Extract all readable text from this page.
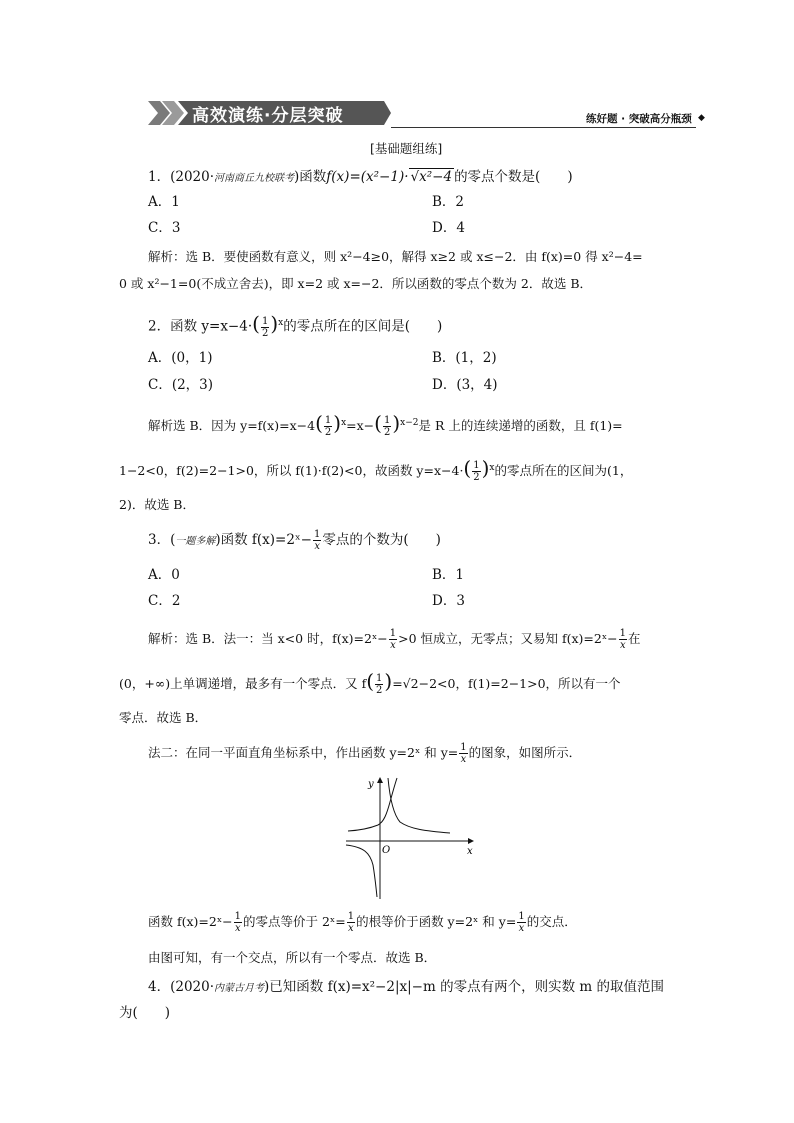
高效演练·分层突破	练好题 · 突破高分瓶颈 ◆
[基础题组练]
1．(2020·河南商丘九校联考)函数f(x)=(x²−1)· √x²−4 的零点个数是(　　)
A．1	B．2
C．3	D．4
解析：选 B．要使函数有意义，则 x²−4≥0，解得 x≥2 或 x≤−2．由 f(x)=0 得 x²−4=
0 或 x²−1=0(不成立舍去)，即 x=2 或 x=−2．所以函数的零点个数为 2．故选 B．
2．函数 $y=x-4\cdot( \frac{1}{2} )^x$的零点所在的区间是(　　)
A．(0，1)	B．(1，2)
C．(2，3)	D．(3，4)
解析选 B．因为 $y=f(x)=x-4( \frac{1}{2} )^x=x-( \frac{1}{2} )^{x-2}$是 R 上的连续递增的函数，且 f(1)=
1−2<0，f(2)=2−1>0，所以 f(1)·f(2)<0，故函数 $y=x-4\cdot( \frac{1}{2} )^x$的零点所在的区间为(1，
2)．故选 B．
3．(一题多解)函数 f(x)=2ˣ− $\frac{1}{x}$零点的个数为(　　)
A．0	B．1
C．2	D．3
解析：选 B．法一：当 x<0 时，f(x)=2ˣ− $\frac{1}{x}>0$ 恒成立，无零点；又易知 f(x)=2ˣ− $\frac{1}{x}$在
(0，+∞)上单调递增，最多有一个零点．又 $f( \frac{1}{2} )=√2-2<0$，f(1)=2−1>0，所以有一个
零点．故选 B．
法二：在同一平面直角坐标系中，作出函数 y=2ˣ 和 $y= \frac{1}{x}$的图象，如图所示．
y
x
O
函数 f(x)=2ˣ− $\frac{1}{x}$的零点等价于 2ˣ= $\frac{1}{x}$的根等价于函数 y=2ˣ 和 $y= \frac{1}{x}$的交点．
由图可知，有一个交点，所以有一个零点．故选 B．
4．(2020·内蒙古月考)已知函数 f(x)=x²−2|x|−m 的零点有两个，则实数 m 的取值范围
为(　　)
